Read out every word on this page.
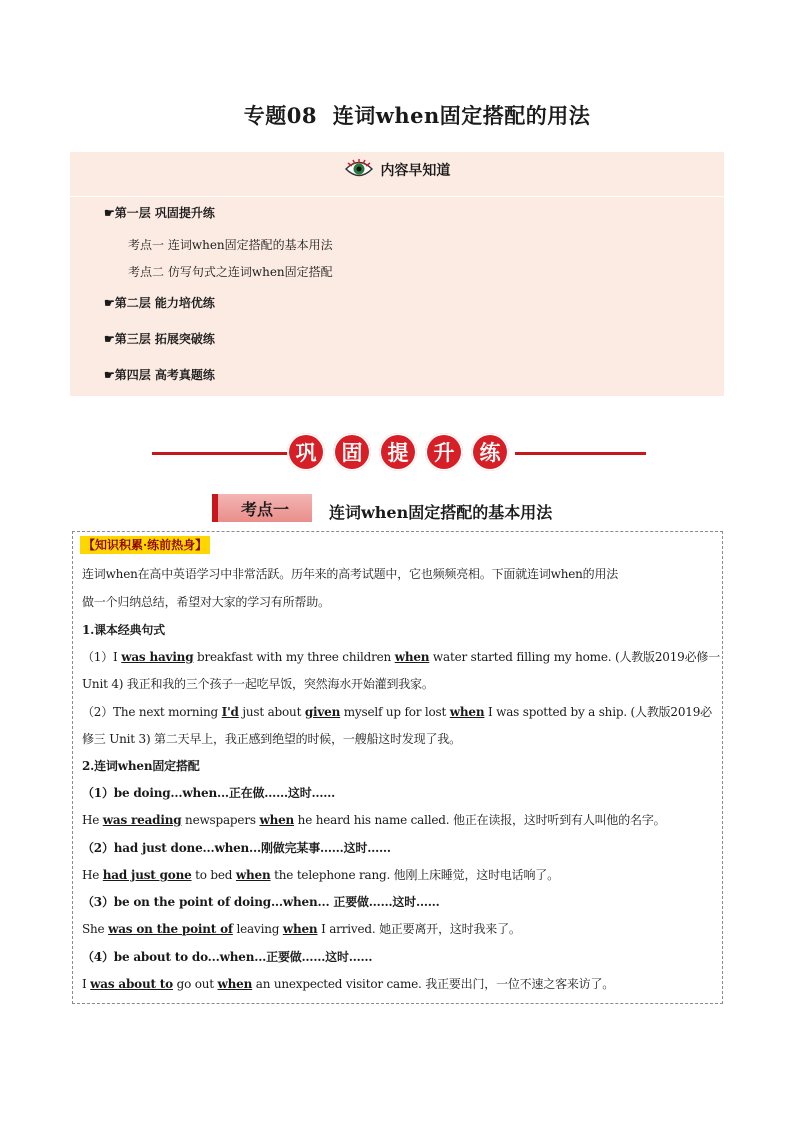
专题08 连词when固定搭配的用法
内容早知道
☛第一层 巩固提升练
考点一 连词when固定搭配的基本用法
考点二 仿写句式之连词when固定搭配
☛第二层 能力培优练
☛第三层 拓展突破练
☛第四层 高考真题练
巩	固	提	升	练
考点一	连词when固定搭配的基本用法
【知识积累·练前热身】
连词when在高中英语学习中非常活跃。历年来的高考试题中，它也频频亮相。下面就连词when的用法
做一个归纳总结，希望对大家的学习有所帮助。
1.课本经典句式
（1）I was having breakfast with my three children when water started filling my home. (人教版2019必修一
Unit 4) 我正和我的三个孩子一起吃早饭，突然海水开始灌到我家。
（2）The next morning I'd just about given myself up for lost when I was spotted by a ship. (人教版2019必
修三 Unit 3) 第二天早上，我正感到绝望的时候，一艘船这时发现了我。
2.连词when固定搭配
（1）be doing...when...正在做……这时……
He was reading newspapers when he heard his name called. 他正在读报，这时听到有人叫他的名字。
（2）had just done...when...刚做完某事……这时……
He had just gone to bed when the telephone rang. 他刚上床睡觉，这时电话响了。
（3）be on the point of doing...when... 正要做……这时……
She was on the point of leaving when I arrived. 她正要离开，这时我来了。
（4）be about to do...when...正要做……这时……
I was about to go out when an unexpected visitor came. 我正要出门，一位不速之客来访了。
